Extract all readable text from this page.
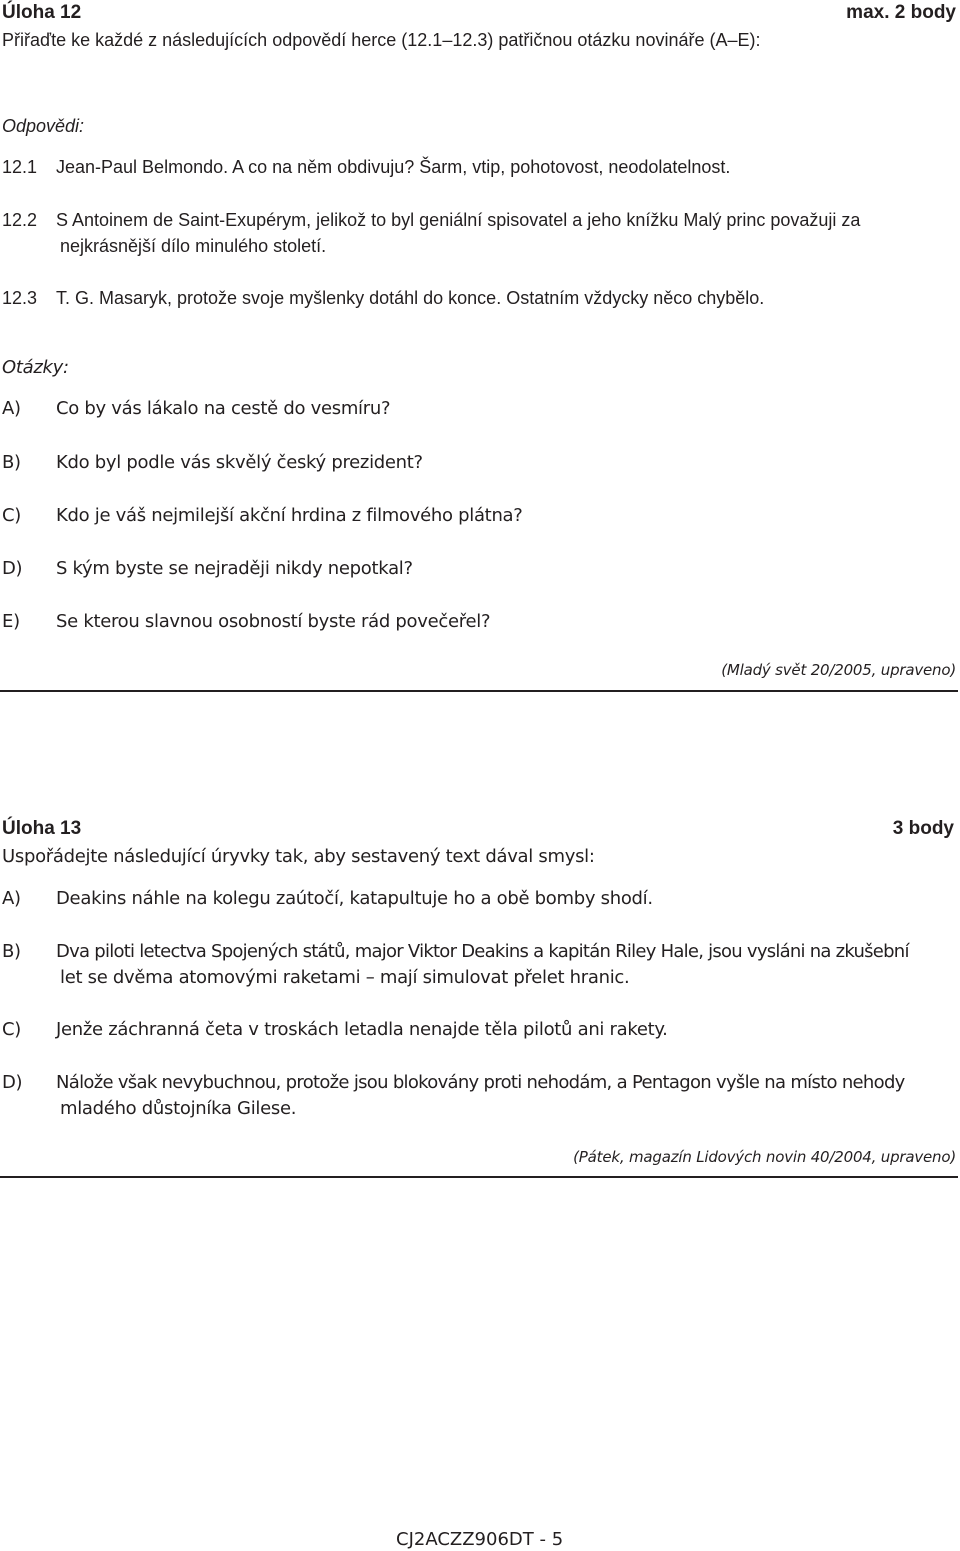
Úloha 12	max. 2 body
Přiřaďte ke každé z následujících odpovědí herce (12.1–12.3) patřičnou otázku novináře (A–E):
Odpovědi:
12.1 Jean-Paul Belmondo. A co na něm obdivuju? Šarm, vtip, pohotovost, neodolatelnost.
12.2 S Antoinem de Saint-Exupérym, jelikož to byl geniální spisovatel a jeho knížku Malý princ považuji za
nejkrásnější dílo minulého století.
12.3 T. G. Masaryk, protože svoje myšlenky dotáhl do konce. Ostatním vždycky něco chybělo.
Otázky:
A) Co by vás lákalo na cestě do vesmíru?
B) Kdo byl podle vás skvělý český prezident?
C) Kdo je váš nejmilejší akční hrdina z filmového plátna?
D) S kým byste se nejraději nikdy nepotkal?
E) Se kterou slavnou osobností byste rád povečeřel?
(Mladý svět 20/2005, upraveno)
Úloha 13	3 body
Uspořádejte následující úryvky tak, aby sestavený text dával smysl:
A) Deakins náhle na kolegu zaútočí, katapultuje ho a obě bomby shodí.
B) Dva piloti letectva Spojených států, major Viktor Deakins a kapitán Riley Hale, jsou vysláni na zkušební
let se dvěma atomovými raketami – mají simulovat přelet hranic.
C) Jenže záchranná četa v troskách letadla nenajde těla pilotů ani rakety.
D) Nálože však nevybuchnou, protože jsou blokovány proti nehodám, a Pentagon vyšle na místo nehody
mladého důstojníka Gilese.
(Pátek, magazín Lidových novin 40/2004, upraveno)
CJ2ACZZ906DT - 5
